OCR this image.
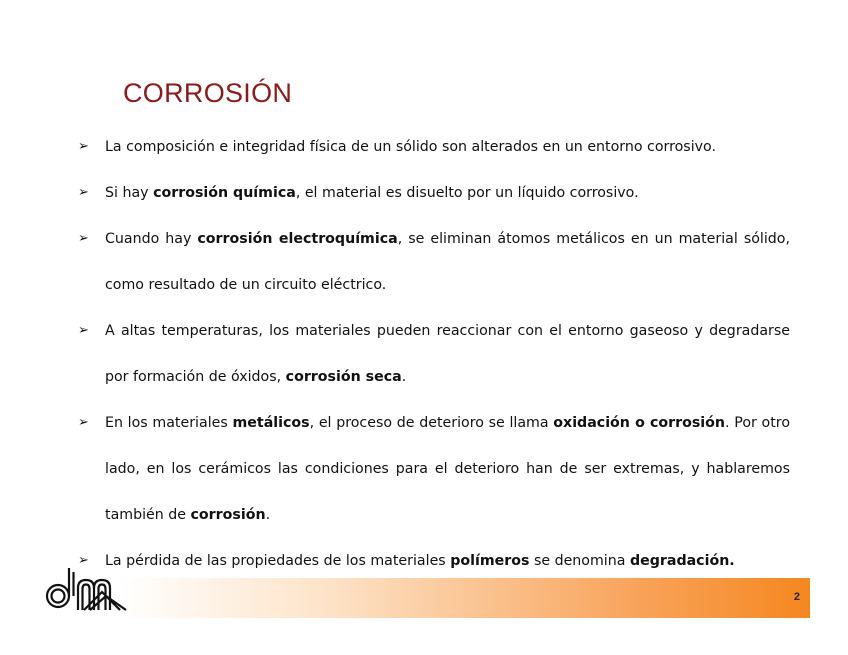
CORROSIÓN
➢ La composición e integridad física de un sólido son alterados en un entorno corrosivo.
➢ Si hay corrosión química, el material es disuelto por un líquido corrosivo.
➢ Cuando hay corrosión electroquímica, se eliminan átomos metálicos en un material sólido, como resultado de un circuito eléctrico.
➢ A altas temperaturas, los materiales pueden reaccionar con el entorno gaseoso y degradarse por formación de óxidos, corrosión seca.
➢ En los materiales metálicos, el proceso de deterioro se llama oxidación o corrosión. Por otro lado, en los cerámicos las condiciones para el deterioro han de ser extremas, y hablaremos también de corrosión.
➢ La pérdida de las propiedades de los materiales polímeros se denomina degradación.
2
